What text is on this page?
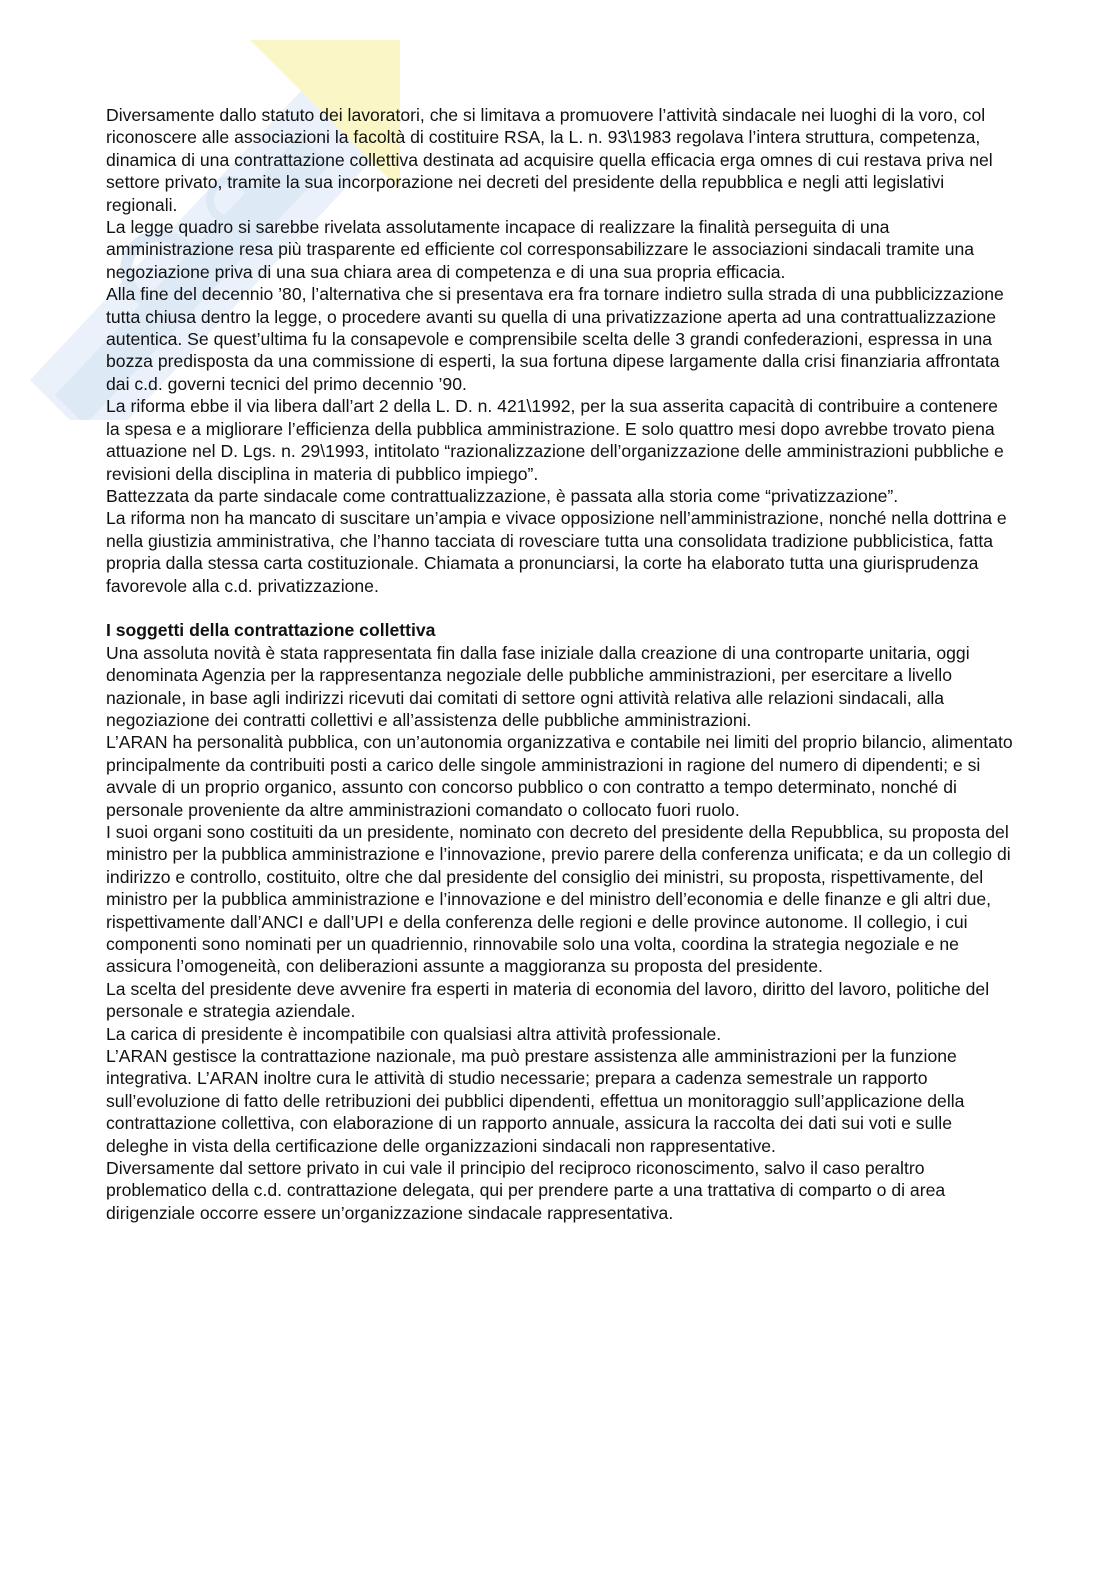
Diversamente dallo statuto dei lavoratori, che si limitava a promuovere l’attività sindacale nei luoghi di la voro, col riconoscere alle associazioni la facoltà di costituire RSA, la L. n. 93\1983 regolava l’intera struttura, competenza, dinamica di una contrattazione collettiva destinata ad acquisire quella efficacia erga omnes di cui restava priva nel settore privato, tramite la sua incorporazione nei decreti del presidente della repubblica e negli atti legislativi regionali.

La legge quadro si sarebbe rivelata assolutamente incapace di realizzare la finalità perseguita di una amministrazione resa più trasparente ed efficiente col corresponsabilizzare le associazioni sindacali tramite una negoziazione priva di una sua chiara area di competenza e di una sua propria efficacia.

Alla fine del decennio ’80, l’alternativa che si presentava era fra tornare indietro sulla strada di una pubblicizzazione tutta chiusa dentro la legge, o procedere avanti su quella di una privatizzazione aperta ad una contrattualizzazione autentica. Se quest’ultima fu la consapevole e comprensibile scelta delle 3 grandi confederazioni, espressa in una bozza predisposta da una commissione di esperti, la sua fortuna dipese largamente dalla crisi finanziaria affrontata dai c.d. governi tecnici del primo decennio ’90.

La riforma ebbe il via libera dall’art 2 della L. D. n. 421\1992, per la sua asserita capacità di contribuire a contenere la spesa e a migliorare l’efficienza della pubblica amministrazione. E solo quattro mesi dopo avrebbe trovato piena attuazione nel D. Lgs. n. 29\1993, intitolato “razionalizzazione dell’organizzazione delle amministrazioni pubbliche e revisioni della disciplina in materia di pubblico impiego”.

Battezzata da parte sindacale come contrattualizzazione, è passata alla storia come “privatizzazione”.

La riforma non ha mancato di suscitare un’ampia e vivace opposizione nell’amministrazione, nonché nella dottrina e nella giustizia amministrativa, che l’hanno tacciata di rovesciare tutta una consolidata tradizione pubblicistica, fatta propria dalla stessa carta costituzionale. Chiamata a pronunciarsi, la corte ha elaborato tutta una giurisprudenza favorevole alla c.d. privatizzazione.

I soggetti della contrattazione collettiva

Una assoluta novità è stata rappresentata fin dalla fase iniziale dalla creazione di una controparte unitaria, oggi denominata Agenzia per la rappresentanza negoziale delle pubbliche amministrazioni, per esercitare a livello nazionale, in base agli indirizzi ricevuti dai comitati di settore ogni attività relativa alle relazioni sindacali, alla negoziazione dei contratti collettivi e all’assistenza delle pubbliche amministrazioni.

L’ARAN ha personalità pubblica, con un’autonomia organizzativa e contabile nei limiti del proprio bilancio, alimentato principalmente da contribuiti posti a carico delle singole amministrazioni in ragione del numero di dipendenti; e si avvale di un proprio organico, assunto con concorso pubblico o con contratto a tempo determinato, nonché di personale proveniente da altre amministrazioni comandato o collocato fuori ruolo.

I suoi organi sono costituiti da un presidente, nominato con decreto del presidente della Repubblica, su proposta del ministro per la pubblica amministrazione e l’innovazione, previo parere della conferenza unificata; e da un collegio di indirizzo e controllo, costituito, oltre che dal presidente del consiglio dei ministri, su proposta, rispettivamente, del ministro per la pubblica amministrazione e l’innovazione e del ministro dell’economia e delle finanze e gli altri due, rispettivamente dall’ANCI e dall’UPI e della conferenza delle regioni e delle province autonome. Il collegio, i cui componenti sono nominati per un quadriennio, rinnovabile solo una volta, coordina la strategia negoziale e ne assicura l’omogeneità, con deliberazioni assunte a maggioranza su proposta del presidente.

La scelta del presidente deve avvenire fra esperti in materia di economia del lavoro, diritto del lavoro, politiche del personale e strategia aziendale.

La carica di presidente è incompatibile con qualsiasi altra attività professionale.

L’ARAN gestisce la contrattazione nazionale, ma può prestare assistenza alle amministrazioni per la funzione integrativa. L’ARAN inoltre cura le attività di studio necessarie; prepara a cadenza semestrale un rapporto sull’evoluzione di fatto delle retribuzioni dei pubblici dipendenti, effettua un monitoraggio sull’applicazione della contrattazione collettiva, con elaborazione di un rapporto annuale, assicura la raccolta dei dati sui voti e sulle deleghe in vista della certificazione delle organizzazioni sindacali non rappresentative.

Diversamente dal settore privato in cui vale il principio del reciproco riconoscimento, salvo il caso peraltro problematico della c.d. contrattazione delegata, qui per prendere parte a una trattativa di comparto o di area dirigenziale occorre essere un’organizzazione sindacale rappresentativa.
